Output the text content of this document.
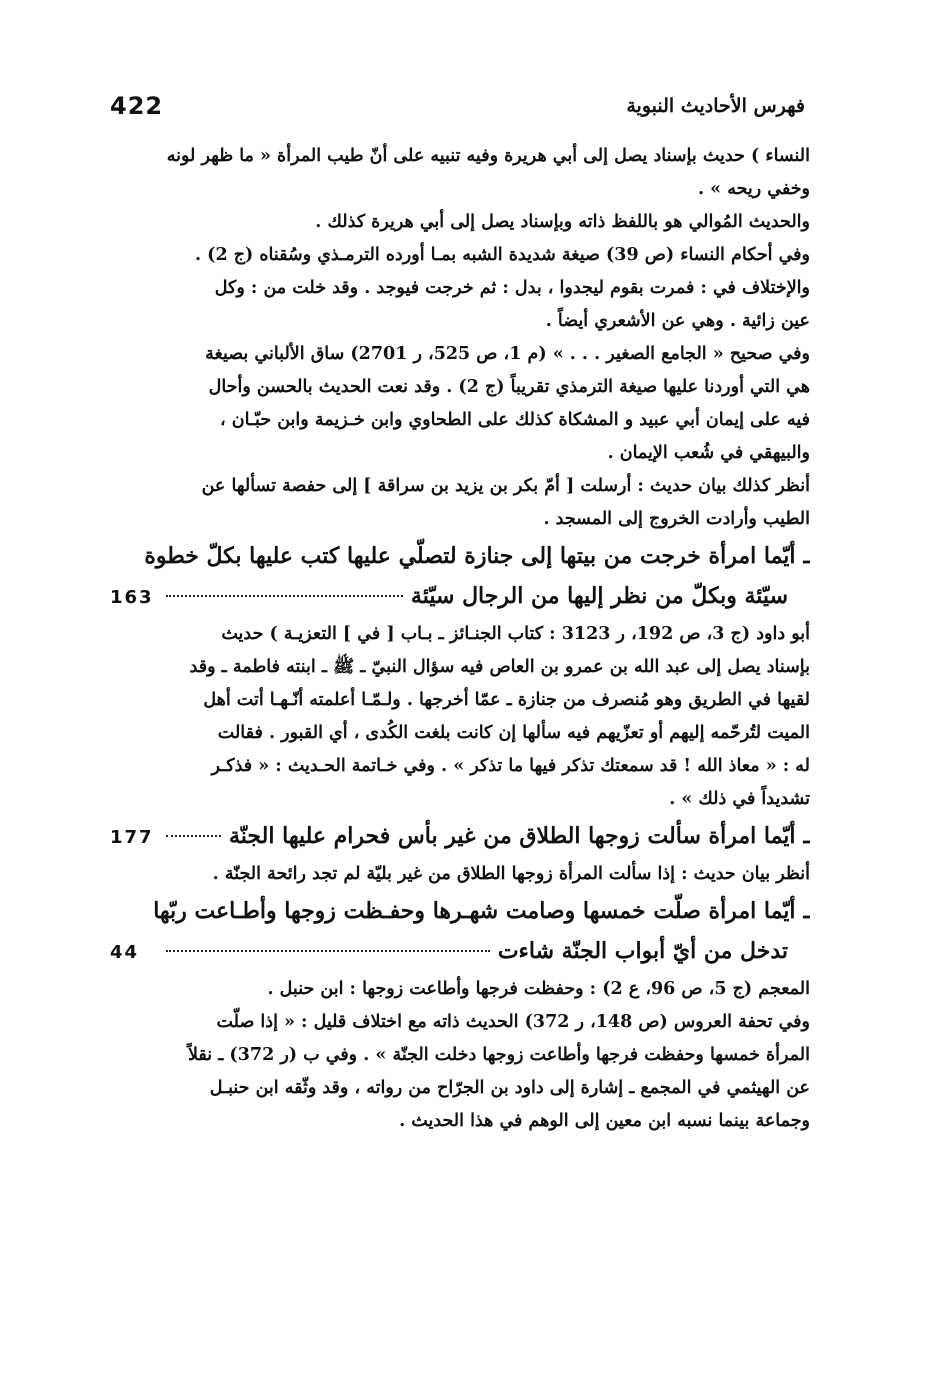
422	فهرس الأحاديث النبوية

النساء ) حديث بإسناد يصل إلى أبي هريرة وفيه تنبيه على أنّ طيب المرأة « ما ظهر لونه

وخفي ريحه » .

والحديث المُوالي هو باللفظ ذاته وبإسناد يصل إلى أبي هريرة كذلك .

وفي أحكام النساء (ص 39) صيغة شديدة الشبه بمـا أورده الترمـذي وسُقناه (ج 2) .

والإختلاف في : فمرت بقوم ليجدوا ، بدل : ثم خرجت فيوجد . وقد خلت من : وكل

عين زائية . وهي عن الأشعري أيضاً .

وفي صحيح « الجامع الصغير . . . » (م 1، ص 525، ر 2701) ساق الألباني بصيغة

هي التي أوردنا عليها صيغة الترمذي تقريباً (ج 2) . وقد نعت الحديث بالحسن وأحال

فيه على إيمان أبي عبيد و المشكاة كذلك على الطحاوي وابن خـزيمة وابن حبّـان ،

والبيهقي في شُعب الإيمان .

أنظر كذلك بيان حديث : أرسلت [ أمّ بكر بن يزيد بن سراقة ] إلى حفصة تسألها عن

الطيب وأرادت الخروج إلى المسجد .

ـ
أيّما امرأة خرجت من بيتها إلى جنازة لتصلّي عليها كتب عليها بكلّ خطوة
سيّئة وبكلّ من نظر إليها من الرجال سيّئة
163

أبو داود (ج 3، ص 192، ر 3123 : كتاب الجنـائز ـ بـاب [ في ] التعزيـة ) حديث

بإسناد يصل إلى عبد الله بن عمرو بن العاص فيه سؤال النبيّ ـ ﷺ ـ ابنته فاطمة ـ وقد

لقيها في الطريق وهو مُنصرف من جنازة ـ عمّا أخرجها . ولـمّـا أعلمته أنّـهـا أتت أهل

الميت لتُرحّمه إليهم أو تعزّيهم فيه سألها إن كانت بلغت الكُدى ، أي القبور . فقالت

له : « معاذ الله ! قد سمعتك تذكر فيها ما تذكر » . وفي خـاتمة الحـديث : « فذكـر

تشديداً في ذلك » .

ـ
أيّما امرأة سألت زوجها الطلاق من غير بأس فحرام عليها الجنّة
177

أنظر بيان حديث : إذا سألت المرأة زوجها الطلاق من غير بليّة لم تجد رائحة الجنّة .

ـ
أيّما امرأة صلّت خمسها وصامت شهـرها وحفـظت زوجها وأطـاعت ربّها
تدخل من أيّ أبواب الجنّة شاءت
44

المعجم (ج 5، ص 96، ع 2) : وحفظت فرجها وأطاعت زوجها : ابن حنبل .

وفي تحفة العروس (ص 148، ر 372) الحديث ذاته مع اختلاف قليل : « إذا صلّت

المرأة خمسها وحفظت فرجها وأطاعت زوجها دخلت الجنّة » . وفي ب (ر 372) ـ نقلاً

عن الهيثمي في المجمع ـ إشارة إلى داود بن الجرّاح من رواته ، وقد وثّقه ابن حنبـل

وجماعة بينما نسبه ابن معين إلى الوهم في هذا الحديث .
